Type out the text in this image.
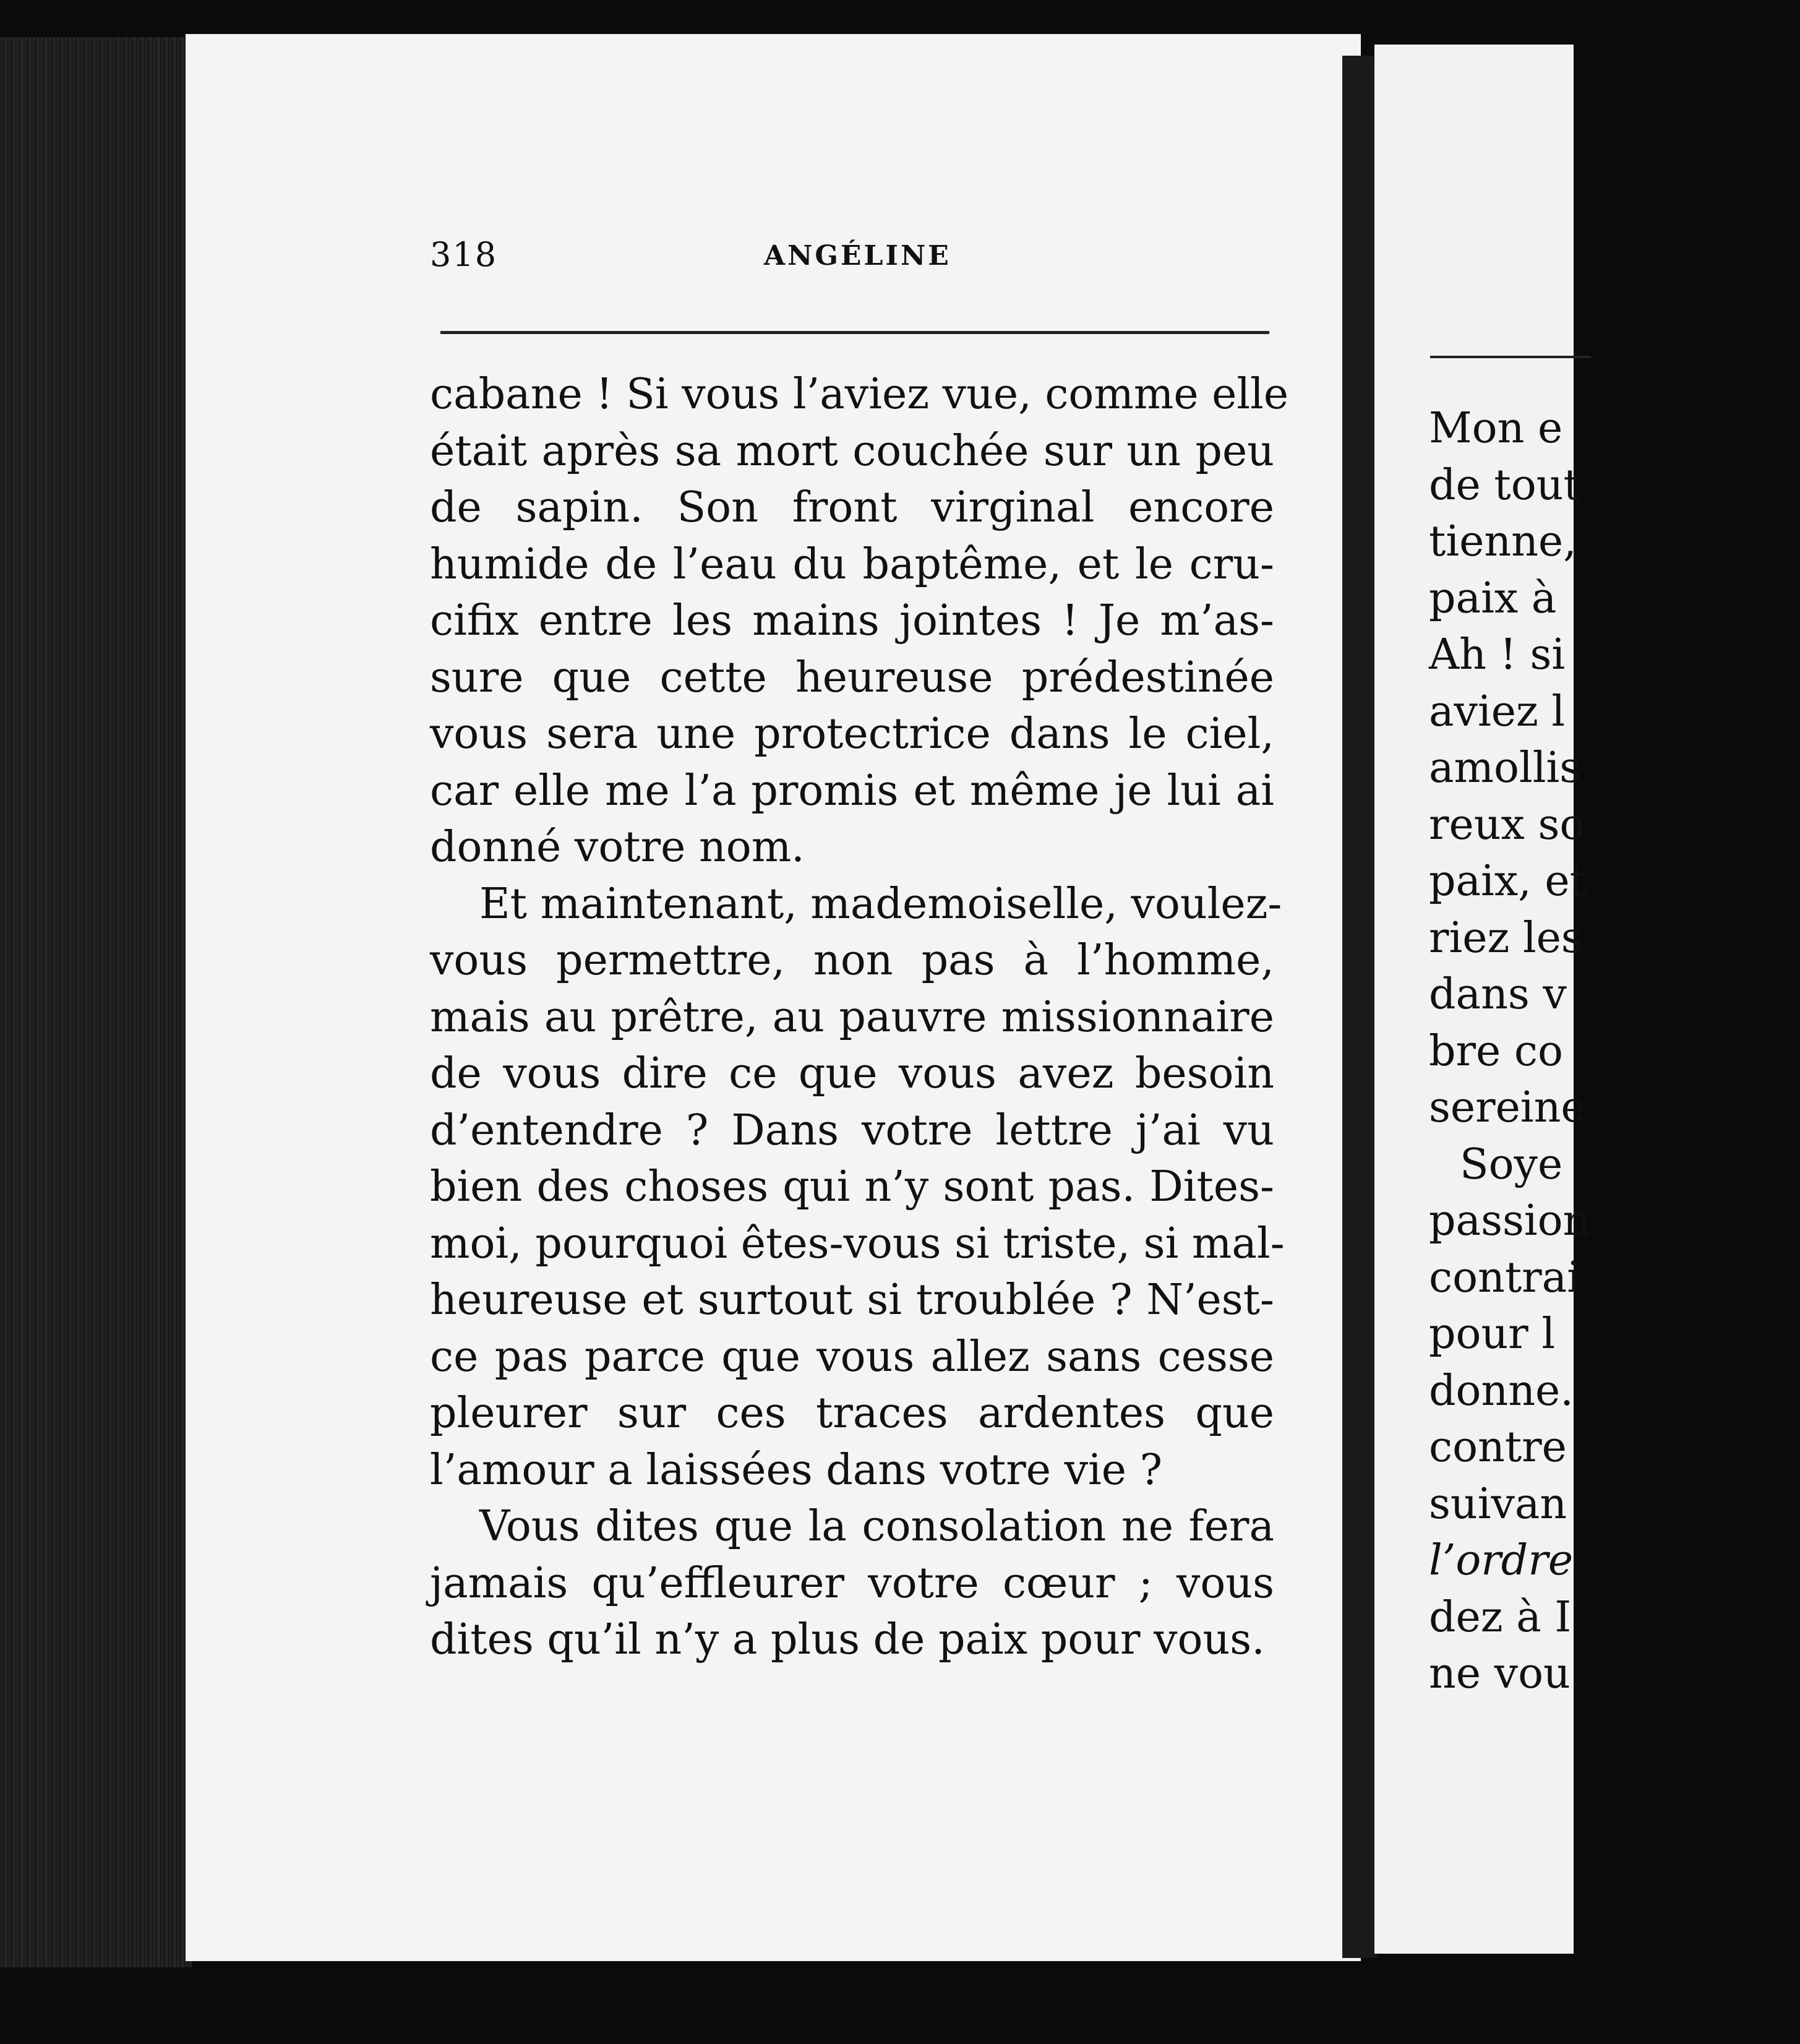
318	ANGÉLINE
cabane ! Si vous l’aviez vue, comme elle
était après sa mort couchée sur un peu
de sapin. Son front virginal encore
humide de l’eau du baptême, et le cru-
cifix entre les mains jointes ! Je m’as-
sure que cette heureuse prédestinée
vous sera une protectrice dans le ciel,
car elle me l’a promis et même je lui ai
donné votre nom.
Et maintenant, mademoiselle, voulez-
vous permettre, non pas à l’homme,
mais au prêtre, au pauvre missionnaire
de vous dire ce que vous avez besoin
d’entendre ? Dans votre lettre j’ai vu
bien des choses qui n’y sont pas. Dites-
moi, pourquoi êtes-vous si triste, si mal-
heureuse et surtout si troublée ? N’est-
ce pas parce que vous allez sans cesse
pleurer sur ces traces ardentes que
l’amour a laissées dans votre vie ?
Vous dites que la consolation ne fera
jamais qu’effleurer votre cœur ; vous
dites qu’il n’y a plus de paix pour vous.
Mon e
de tout
tienne,
paix à
Ah ! si
aviez l
amollis
reux so
paix, et
riez les
dans v
bre co
sereine
Soye
passion
contrai
pour l
donne.
contre
suivan
l’ordre
dez à I
ne vou
